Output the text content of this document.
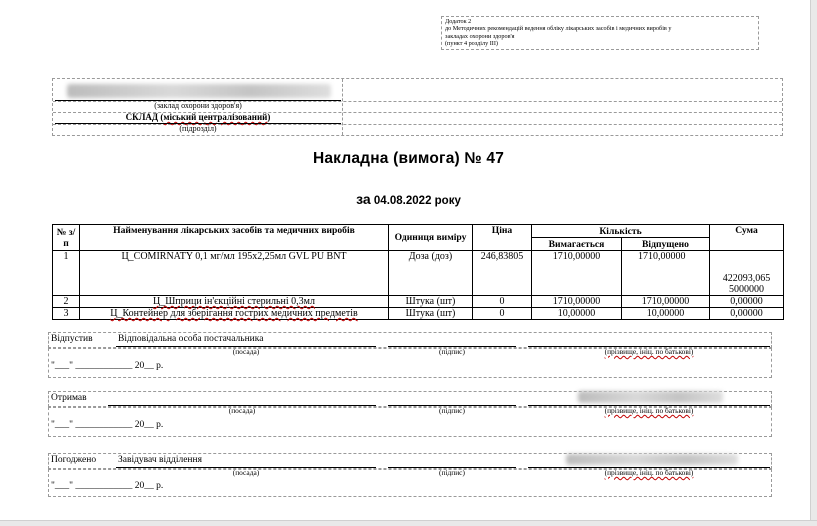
Додаток 2
до Методичних рекомендацій ведення обліку лікарських засобів і медичних виробів у
закладах охорони здоров'я
(пункт 4 розділу ІІІ)
(заклад охорони здоров'я)
СКЛАД (міський централізований)
(підрозділ)
Накладна (вимога) № 47
за 04.08.2022 року
№ з/п	Найменування лікарських засобів та медичних виробів	Одиниця виміру	Ціна	Кількість		Сума
				Вимагається	Відпущено	
1	Ц_COMIRNATY 0,1 мг/мл 195х2,25мл GVL PU BNT	Доза (доз)	246,83805	1710,00000	1710,00000	422093,065 5000000
2	Ц_Шприци ін'єкційні стерильні 0,3мл	Штука (шт)	0	1710,00000	1710,00000	0,00000
3	Ц_Контейнер для зберігання гострих медичних предметів	Штука (шт)	0	10,00000	10,00000	0,00000
Відпустив	Відповідальна особа постачальника
(посада)	(підпис)	(прізвище, ініц. по батькові)
"___" ____________ 20__ р.
Отримав
(посада)	(підпис)	(прізвище, ініц. по батькові)
"___" ____________ 20__ р.
Погоджено Завідувач відділення
(посада)	(підпис)	(прізвище, ініц. по батькові)
"___" ____________ 20__ р.
